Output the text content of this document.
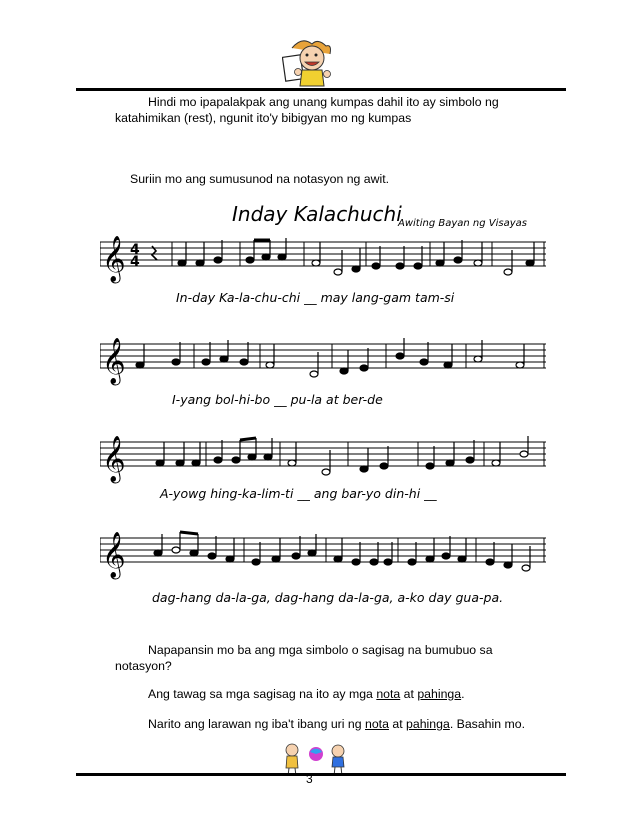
Hindi mo ipapalakpak ang unang kumpas dahil ito ay simbolo ng

katahimikan (rest), ngunit ito'y bibigyan mo ng kumpas

Suriin mo ang sumusunod na notasyon ng awit.

Inday Kalachuchi
Awiting Bayan ng Visayas
𝄞 4
4
In-day Ka-la-chu-chi __ may lang-gam tam-si
𝄞
I-yang bol-hi-bo __ pu-la at ber-de
𝄞
A-yowg hing-ka-lim-ti __ ang bar-yo din-hi __
𝄞
dag-hang da-la-ga, dag-hang da-la-ga, a-ko day gua-pa.

Napapansin mo ba ang mga simbolo o sagisag na bumubuo sa

notasyon?

Ang tawag sa mga sagisag na ito ay mga nota at pahinga.

Narito ang larawan ng iba't ibang uri ng nota at pahinga. Basahin mo.

3
